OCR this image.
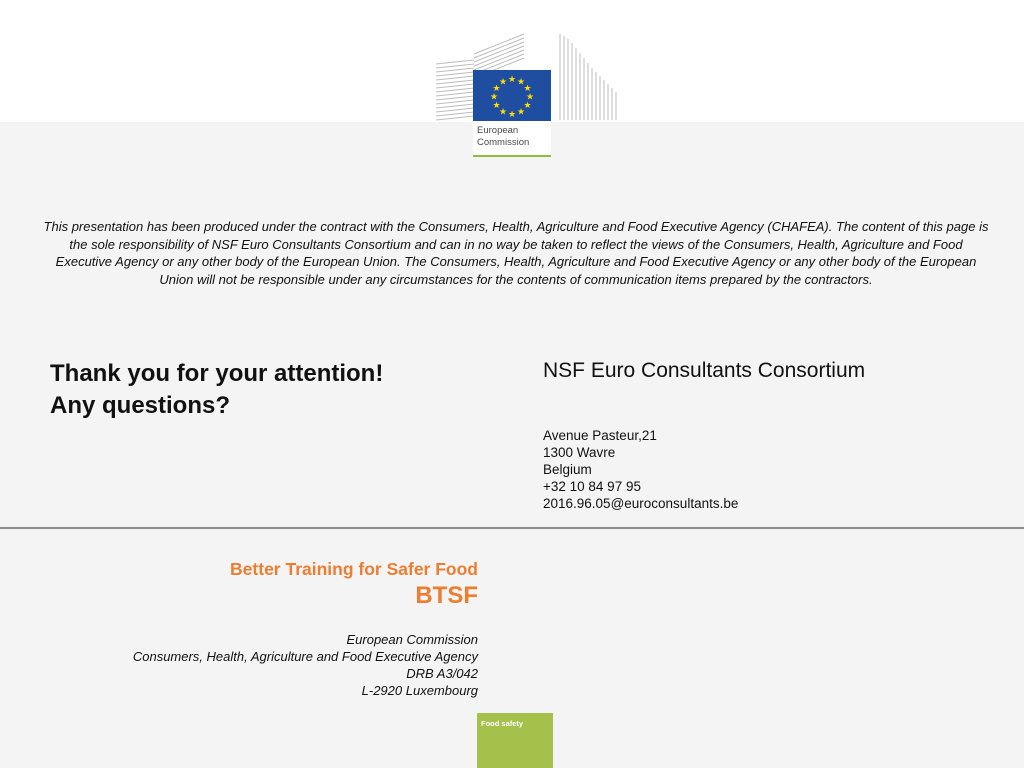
★ ★
★
★
★
★
★
★
★
★
★
★
European
Commission
This presentation has been produced under the contract with the Consumers, Health, Agriculture and Food Executive Agency (CHAFEA). The content of this page is the sole responsibility of NSF Euro Consultants Consortium and can in no way be taken to reflect the views of the Consumers, Health, Agriculture and Food Executive Agency or any other body of the European Union. The Consumers, Health, Agriculture and Food Executive Agency or any other body of the European Union will not be responsible under any circumstances for the contents of communication items prepared by the contractors.
Thank you for your attention!
Any questions?
NSF Euro Consultants Consortium
Avenue Pasteur,21
1300 Wavre
Belgium
+32 10 84 97 95
2016.96.05@euroconsultants.be
Better Training for Safer Food
BTSF
European Commission
Consumers, Health, Agriculture and Food Executive Agency
DRB A3/042
L-2920 Luxembourg
Food safety
